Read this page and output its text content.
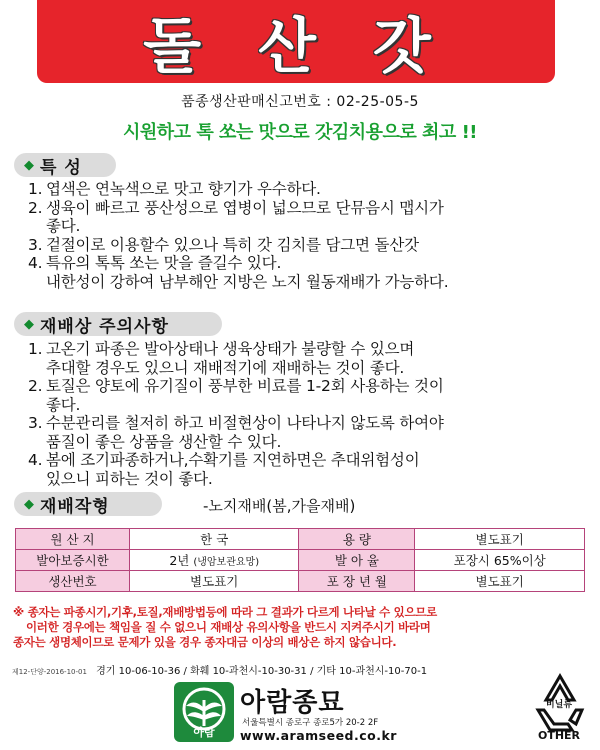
돌 산 갓
품종생산판매신고번호 : 02-25-05-5
시원하고 톡 쏘는 맛으로 갓김치용으로 최고 !!
◆ 특 성
1. 엽색은 연녹색으로 맛고 향기가 우수하다.
2. 생육이 빠르고 풍산성으로 엽병이 넓으므로 단뮤음시 맵시가
좋다.
3. 겉절이로 이용할수 있으나 특히 갓 김치를 담그면 돌산갓
4. 특유의 톡톡 쏘는 맛을 즐길수 있다.
내한성이 강하여 남부해안 지방은 노지 월동재배가 가능하다.
◆ 재배상 주의사항
1. 고온기 파종은 발아상태나 생육상태가 불량할 수 있으며
추대할 경우도 있으니 재배적기에 재배하는 것이 좋다.
2. 토질은 양토에 유기질이 풍부한 비료를 1-2회 사용하는 것이
좋다.
3. 수분관리를 철저히 하고 비절현상이 나타나지 않도록 하여야
품질이 좋은 상품을 생산할 수 있다.
4. 봄에 조기파종하거나,수확기를 지연하면은 추대위험성이
있으니 피하는 것이 좋다.
◆ 재배작형	-노지재배(봄,가을재배)
원 산 지	한 국	용 량	별도표기
발아보증시한	2년 (냉암보관요망)	발 아 율	포장시 65%이상
생산번호	별도표기	포 장 년 월	별도표기
※ 종자는 파종시기,기후,토질,재배방법등에 따라 그 결과가 다르게 나타날 수 있으므로
이러한 경우에는 책임을 질 수 없으니 재배상 유의사항을 반드시 지켜주시기 바라며
종자는 생명체이므로 문제가 있을 경우 종자대금 이상의 배상은 하지 않습니다.
제12-단양-2016-10-01 경기 10-06-10-36 / 화훼 10-과천시-10-30-31 / 기타 10-과천시-10-70-1
아람
아람종묘
서울특별시 종로구 종로5가 20-2 2F
www.aramseed.co.kr
비닐류
OTHER
